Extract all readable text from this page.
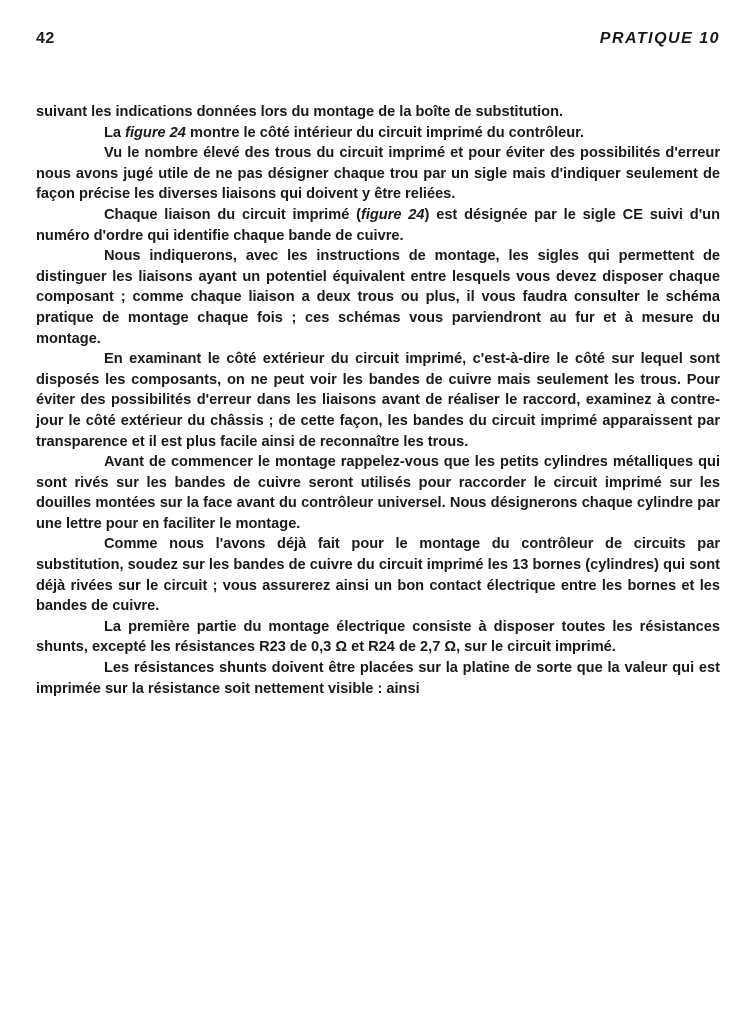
42	PRATIQUE 10

suivant les indications données lors du montage de la boîte de substitution.

La figure 24 montre le côté intérieur du circuit imprimé du contrôleur.

Vu le nombre élevé des trous du circuit imprimé et pour éviter des possibilités d'erreur nous avons jugé utile de ne pas désigner chaque trou par un sigle mais d'indiquer seulement de façon précise les diverses liaisons qui doivent y être reliées.

Chaque liaison du circuit imprimé (figure 24) est désignée par le sigle CE suivi d'un numéro d'ordre qui identifie chaque bande de cuivre.

Nous indiquerons, avec les instructions de montage, les sigles qui permettent de distinguer les liaisons ayant un potentiel équivalent entre lesquels vous devez disposer chaque composant ; comme chaque liaison a deux trous ou plus, il vous faudra consulter le schéma pratique de montage chaque fois ; ces schémas vous parviendront au fur et à mesure du montage.

En examinant le côté extérieur du circuit imprimé, c'est-à-dire le côté sur lequel sont disposés les composants, on ne peut voir les bandes de cuivre mais seulement les trous. Pour éviter des possibilités d'erreur dans les liaisons avant de réaliser le raccord, examinez à contre-jour le côté extérieur du châssis ; de cette façon, les bandes du circuit imprimé apparaissent par transparence et il est plus facile ainsi de reconnaître les trous.

Avant de commencer le montage rappelez-vous que les petits cylindres métalliques qui sont rivés sur les bandes de cuivre seront utilisés pour raccorder le circuit imprimé sur les douilles montées sur la face avant du contrôleur universel. Nous désignerons chaque cylindre par une lettre pour en faciliter le montage.

Comme nous l'avons déjà fait pour le montage du contrôleur de circuits par substitution, soudez sur les bandes de cuivre du circuit imprimé les 13 bornes (cylindres) qui sont déjà rivées sur le circuit ; vous assurerez ainsi un bon contact électrique entre les bornes et les bandes de cuivre.

La première partie du montage électrique consiste à disposer toutes les résistances shunts, excepté les résistances R23 de 0,3 Ω et R24 de 2,7 Ω, sur le circuit imprimé.

Les résistances shunts doivent être placées sur la platine de sorte que la valeur qui est imprimée sur la résistance soit nettement visible : ainsi
